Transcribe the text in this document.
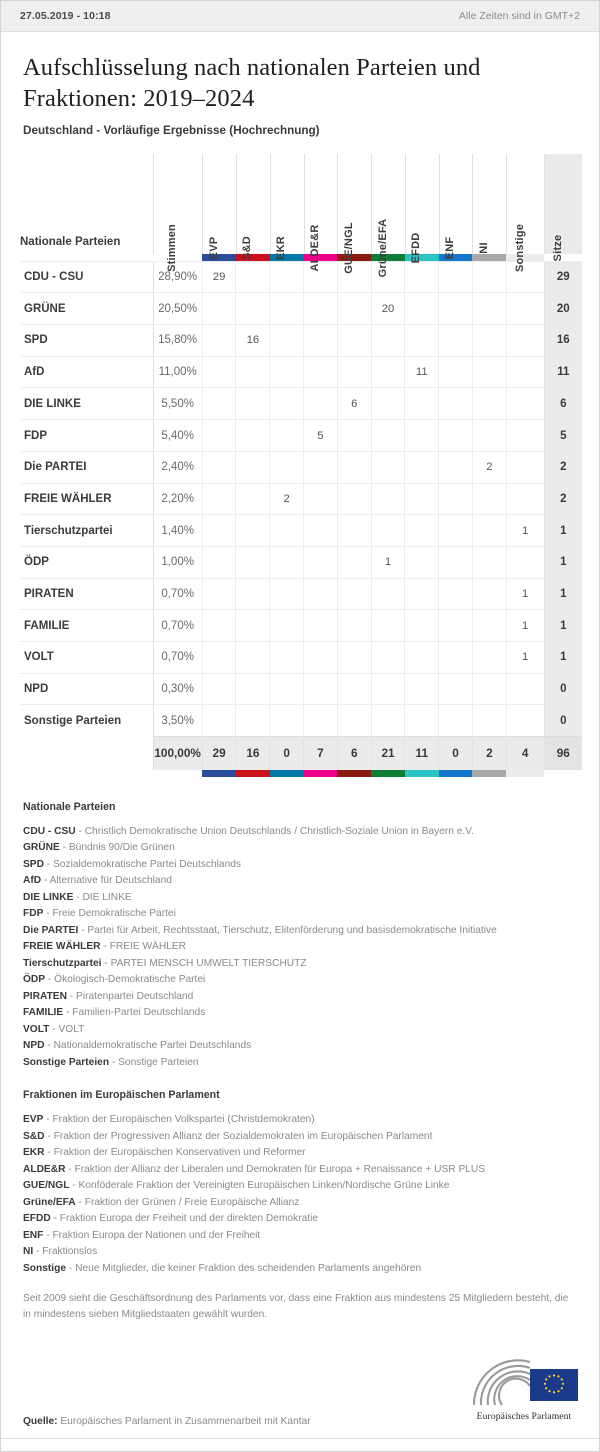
27.05.2019 - 10:18	Alle Zeiten sind in GMT+2
Aufschlüsselung nach nationalen Parteien und Fraktionen: 2019–2024
Deutschland - Vorläufige Ergebnisse (Hochrechnung)
Nationale Parteien	Stimmen	EVP	S&D	EKR	ALDE&R	GUE/NGL	Grüne/EFA	EFDD	ENF	NI	Sonstige	Sitze

CDU - CSU	28,90%	29										29
GRÜNE	20,50%						20					20
SPD	15,80%		16									16
AfD	11,00%							11				11
DIE LINKE	5,50%					6						6
FDP	5,40%				5							5
Die PARTEI	2,40%									2		2
FREIE WÄHLER	2,20%			2								2
Tierschutzpartei	1,40%										1	1
ÖDP	1,00%						1					1
PIRATEN	0,70%										1	1
FAMILIE	0,70%										1	1
VOLT	0,70%										1	1
NPD	0,30%											0
Sonstige Parteien	3,50%											0
	100,00%	29	16	0	7	6	21	11	0	2	4	96

Nationale Parteien

CDU - CSU - Christlich Demokratische Union Deutschlands / Christlich-Soziale Union in Bayern e.V.

GRÜNE - Bündnis 90/Die Grünen

SPD - Sozialdemokratische Partei Deutschlands

AfD - Alternative für Deutschland

DIE LINKE - DIE LINKE

FDP - Freie Demokratische Partei

Die PARTEI - Partei für Arbeit, Rechtsstaat, Tierschutz, Elitenförderung und basisdemokratische Initiative

FREIE WÄHLER - FREIE WÄHLER

Tierschutzpartei - PARTEI MENSCH UMWELT TIERSCHUTZ

ÖDP - Ökologisch-Demokratische Partei

PIRATEN - Piratenpartei Deutschland

FAMILIE - Familien-Partei Deutschlands

VOLT - VOLT

NPD - Nationaldemokratische Partei Deutschlands

Sonstige Parteien - Sonstige Parteien

Fraktionen im Europäischen Parlament

EVP - Fraktion der Europäischen Volkspartei (Christdemokraten)

S&D - Fraktion der Progressiven Allianz der Sozialdemokraten im Europäischen Parlament

EKR - Fraktion der Europäischen Konservativen und Reformer

ALDE&R - Fraktion der Allianz der Liberalen und Demokraten für Europa + Renaissance + USR PLUS

GUE/NGL - Konföderale Fraktion der Vereinigten Europäischen Linken/Nordische Grüne Linke

Grüne/EFA - Fraktion der Grünen / Freie Europäische Allianz

EFDD - Fraktion Europa der Freiheit und der direkten Demokratie

ENF - Fraktion Europa der Nationen und der Freiheit

NI - Fraktionslos

Sonstige - Neue Mitglieder, die keiner Fraktion des scheidenden Parlaments angehören

Seit 2009 sieht die Geschäftsordnung des Parlaments vor, dass eine Fraktion aus mindestens 25 Mitgliedern besteht, die in mindestens sieben Mitgliedstaaten gewählt wurden.

Europäisches Parlament
Quelle: Europäisches Parlament in Zusammenarbeit mit Kantar
